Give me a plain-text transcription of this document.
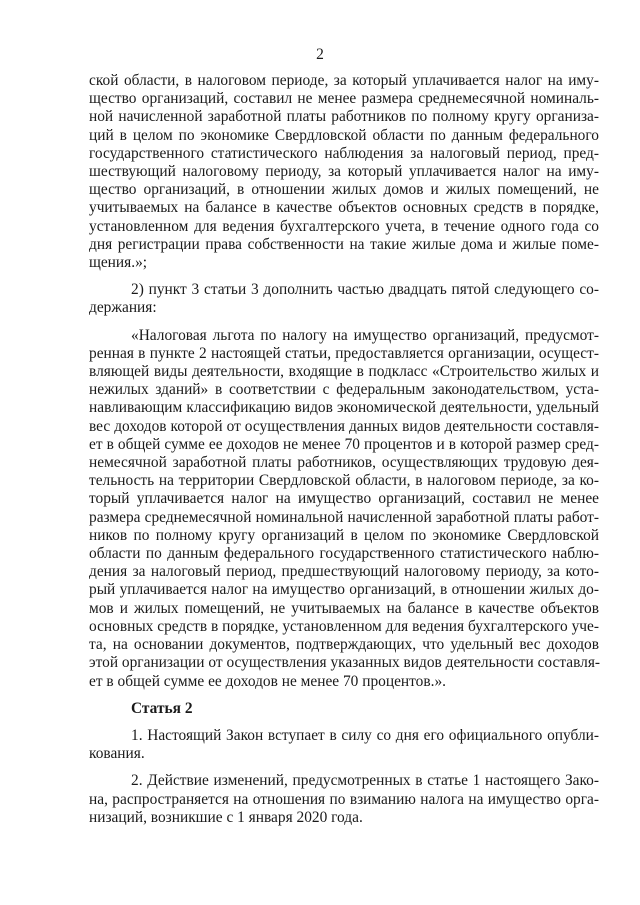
2
ской области, в налоговом периоде, за который уплачивается налог на иму-
щество организаций, составил не менее размера среднемесячной номиналь-
ной начисленной заработной платы работников по полному кругу организа-
ций в целом по экономике Свердловской области по данным федерального
государственного статистического наблюдения за налоговый период, пред-
шествующий налоговому периоду, за который уплачивается налог на иму-
щество организаций, в отношении жилых домов и жилых помещений, не
учитываемых на балансе в качестве объектов основных средств в порядке,
установленном для ведения бухгалтерского учета, в течение одного года со
дня регистрации права собственности на такие жилые дома и жилые поме-
щения.»;
2) пункт 3 статьи 3 дополнить частью двадцать пятой следующего со-
держания:
«Налоговая льгота по налогу на имущество организаций, предусмот-
ренная в пункте 2 настоящей статьи, предоставляется организации, осущест-
вляющей виды деятельности, входящие в подкласс «Строительство жилых и
нежилых зданий» в соответствии с федеральным законодательством, уста-
навливающим классификацию видов экономической деятельности, удельный
вес доходов которой от осуществления данных видов деятельности составля-
ет в общей сумме ее доходов не менее 70 процентов и в которой размер сред-
немесячной заработной платы работников, осуществляющих трудовую дея-
тельность на территории Свердловской области, в налоговом периоде, за ко-
торый уплачивается налог на имущество организаций, составил не менее
размера среднемесячной номинальной начисленной заработной платы работ-
ников по полному кругу организаций в целом по экономике Свердловской
области по данным федерального государственного статистического наблю-
дения за налоговый период, предшествующий налоговому периоду, за кото-
рый уплачивается налог на имущество организаций, в отношении жилых до-
мов и жилых помещений, не учитываемых на балансе в качестве объектов
основных средств в порядке, установленном для ведения бухгалтерского уче-
та, на основании документов, подтверждающих, что удельный вес доходов
этой организации от осуществления указанных видов деятельности составля-
ет в общей сумме ее доходов не менее 70 процентов.».
Статья 2
1. Настоящий Закон вступает в силу со дня его официального опубли-
кования.
2. Действие изменений, предусмотренных в статье 1 настоящего Зако-
на, распространяется на отношения по взиманию налога на имущество орга-
низаций, возникшие с 1 января 2020 года.
